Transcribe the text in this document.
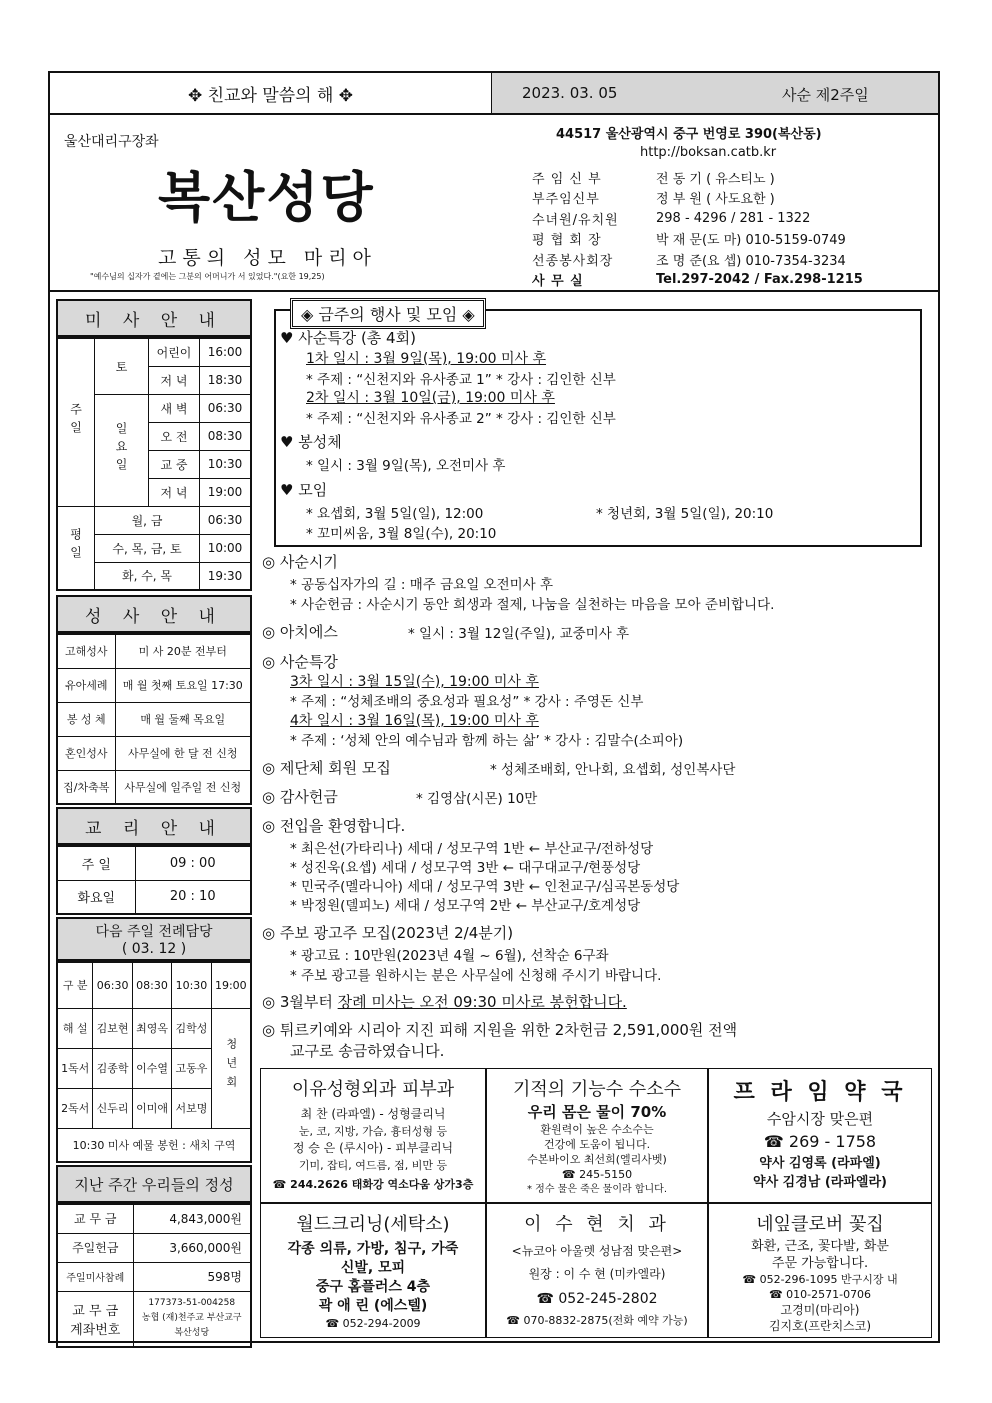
✥ 친교와 말씀의 해 ✥	2023. 03. 05	사순 제2주일
울산대리구장좌
복산성당
고통의 성모 마리아
"예수님의 십자가 곁에는 그분의 어머니가 서 있었다."(요한 19,25)
44517 울산광역시 중구 번영로 390(복산동)
http://boksan.catb.kr
주 임 신 부	전 동 기 ( 유스티노 )
부주임신부	정 부 원 ( 사도요한 )
수녀원/유치원	298 - 4296 / 281 - 1322
평 협 회 장	박 재 문(도 마) 010-5159-0749
선종봉사회장	조 명 준(요 셉) 010-7354-3234
사 무 실	Tel.297-2042 / Fax.298-1215
미 사 안 내
주일	토	어린이	16:00
		저 녁	18:30
	일요일	새 벽	06:30
		오 전	08:30
		교 중	10:30
		저 녁	19:00
평일	월, 금		06:30
	수, 목, 금, 토		10:00
	화, 수, 목		19:30
성 사 안 내
고해성사	미 사 20분 전부터
유아세례	매 월 첫째 토요일 17:30
봉 성 체	매 월 둘째 목요일
혼인성사	사무실에 한 달 전 신청
집/차축복	사무실에 일주일 전 신청
교 리 안 내
주 일	09 : 00
화요일	20 : 10
다음 주일 전례담당
( 03. 12 )
구 분	06:30	08:30	10:30	19:00
해 설	김보현	최영옥	김학성	청년회
1독서	김종학	이수열	고동우	
2독서	신두리	이미애	서보명	
10:30 미사 예물 봉헌 : 새치 구역				
지난 주간 우리들의 정성
교 무 금	4,843,000원
주일헌금	3,660,000원
주일미사참례	598명
교 무 금 계좌번호	177373-51-004258
농협 (재)천주교 부산교구
복산성당
◈ 금주의 행사 및 모임 ◈
♥ 사순특강 (총 4회)
1차 일시 : 3월 9일(목), 19:00 미사 후
* 주제 : “신천지와 유사종교 1” * 강사 : 김인한 신부
2차 일시 : 3월 10일(금), 19:00 미사 후
* 주제 : “신천지와 유사종교 2” * 강사 : 김인한 신부
♥ 봉성체
* 일시 : 3월 9일(목), 오전미사 후
♥ 모임
* 요셉회, 3월 5일(일), 12:00	* 청년회, 3월 5일(일), 20:10
* 꼬미씨움, 3월 8일(수), 20:10
◎ 사순시기
* 공동십자가의 길 : 매주 금요일 오전미사 후
* 사순헌금 : 사순시기 동안 희생과 절제, 나눔을 실천하는 마음을 모아 준비합니다.
◎ 아치에스	* 일시 : 3월 12일(주일), 교중미사 후
◎ 사순특강
3차 일시 : 3월 15일(수), 19:00 미사 후
* 주제 : “성체조배의 중요성과 필요성” * 강사 : 주영돈 신부
4차 일시 : 3월 16일(목), 19:00 미사 후
* 주제 : ‘성체 안의 예수님과 함께 하는 삶’ * 강사 : 김말수(소피아)
◎ 제단체 회원 모집	* 성체조배회, 안나회, 요셉회, 성인복사단
◎ 감사헌금	* 김영삼(시몬) 10만
◎ 전입을 환영합니다.
* 최은선(가타리나) 세대 / 성모구역 1반 ← 부산교구/전하성당
* 성진욱(요셉) 세대 / 성모구역 3반 ← 대구대교구/현풍성당
* 민국주(멜라니아) 세대 / 성모구역 3반 ← 인천교구/심곡본동성당
* 박정원(델피노) 세대 / 성모구역 2반 ← 부산교구/호계성당
◎ 주보 광고주 모집(2023년 2/4분기)
* 광고료 : 10만원(2023년 4월 ~ 6월), 선착순 6구좌
* 주보 광고를 원하시는 분은 사무실에 신청해 주시기 바랍니다.
◎ 3월부터 장례 미사는 오전 09:30 미사로 봉헌합니다.
◎ 튀르키예와 시리아 지진 피해 지원을 위한 2차헌금 2,591,000원 전액
교구로 송금하였습니다.
이유성형외과 피부과
최 찬 (라파엘) - 성형클리닉
눈, 코, 지방, 가슴, 흉터성형 등
정 승 은 (루시아) - 피부클리닉
기미, 잡티, 여드름, 점, 비만 등
☎ 244.2626 태화강 역소다움 상가3층
기적의 기능수 수소수
우리 몸은 물이 70%
환원력이 높은 수소수는
건강에 도움이 됩니다.
수본바이오 최선희(엘리사벳)
☎ 245-5150
* 정수 물은 죽은 물이라 합니다.
프 라 임 약 국
수암시장 맞은편
☎ 269 - 1758
약사 김영록 (라파엘)
약사 김경남 (라파엘라)
월드크리닝(세탁소)
각종 의류, 가방, 침구, 가죽
신발, 모피
중구 홈플러스 4층
곽 애 린 (에스텔)
☎ 052-294-2009
이 수 현 치 과
<뉴코아 아울렛 성남점 맞은편>
원장 : 이 수 현 (미카엘라)
☎ 052-245-2802
☎ 070-8832-2875(전화 예약 가능)
네잎클로버 꽃집
화환, 근조, 꽃다발, 화분
주문 가능합니다.
☎ 052-296-1095 반구시장 내
☎ 010-2571-0706
고경미(마리아)
김지호(프란치스코)
